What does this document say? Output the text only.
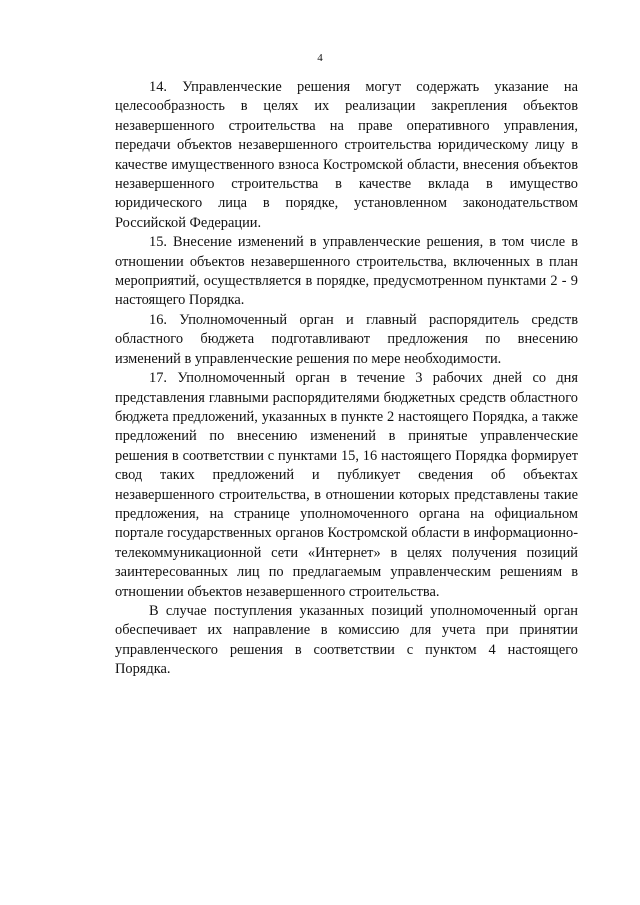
4

14. Управленческие решения могут содержать указание на целесообразность в целях их реализации закрепления объектов незавершенного строительства на праве оперативного управления, передачи объектов незавершенного строительства юридическому лицу в качестве имущественного взноса Костромской области, внесения объектов незавершенного строительства в качестве вклада в имущество юридического лица в порядке, установленном законодательством Российской Федерации.

15. Внесение изменений в управленческие решения, в том числе в отношении объектов незавершенного строительства, включенных в план мероприятий, осуществляется в порядке, предусмотренном пунктами 2 - 9 настоящего Порядка.

16. Уполномоченный орган и главный распорядитель средств областного бюджета подготавливают предложения по внесению изменений в управленческие решения по мере необходимости.

17. Уполномоченный орган в течение 3 рабочих дней со дня представления главными распорядителями бюджетных средств областного бюджета предложений, указанных в пункте 2 настоящего Порядка, а также предложений по внесению изменений в принятые управленческие решения в соответствии с пунктами 15, 16 настоящего Порядка формирует свод таких предложений и публикует сведения об объектах незавершенного строительства, в отношении которых представлены такие предложения, на странице уполномоченного органа на официальном портале государственных органов Костромской области в информационно-телекоммуникационной сети «Интернет» в целях получения позиций заинтересованных лиц по предлагаемым управленческим решениям в отношении объектов незавершенного строительства.

В случае поступления указанных позиций уполномоченный орган обеспечивает их направление в комиссию для учета при принятии управленческого решения в соответствии с пунктом 4 настоящего Порядка.
